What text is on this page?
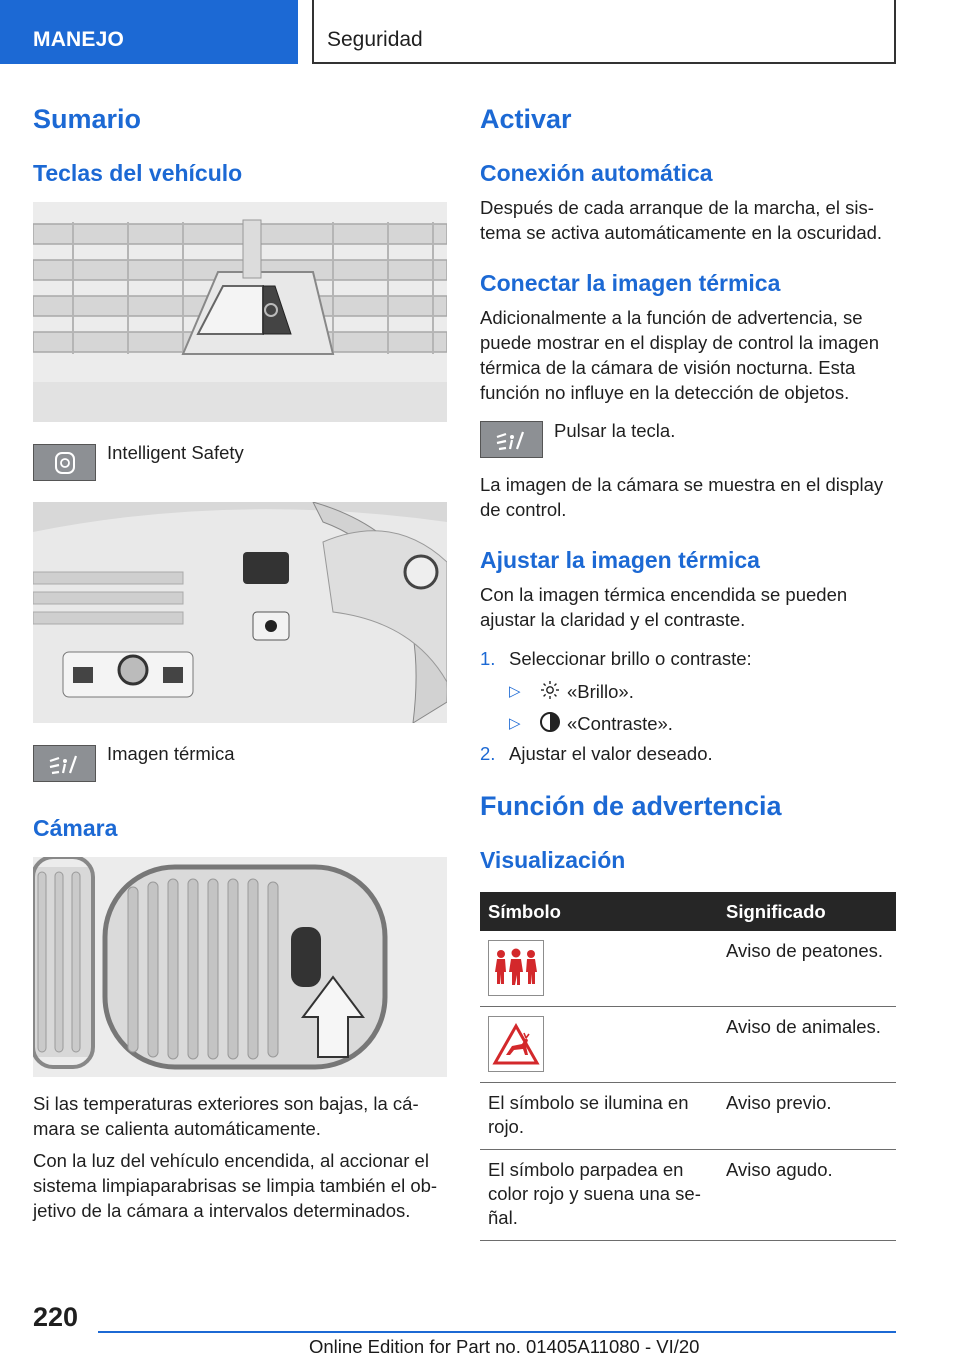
MANEJO	Seguridad
Sumario
Teclas del vehículo
Intelligent Safety
Imagen térmica
Cámara
Si las temperaturas exteriores son bajas, la cámara se calienta automáticamente.
Con la luz del vehículo encendida, al accionar el sistema limpiaparabrisas se limpia también el objetivo de la cámara a intervalos determinados.
Activar
Conexión automática
Después de cada arranque de la marcha, el sistema se activa automáticamente en la oscuridad.
Conectar la imagen térmica
Adicionalmente a la función de advertencia, se puede mostrar en el display de control la imagen térmica de la cámara de visión nocturna. Esta función no influye en la detección de objetos.
Pulsar la tecla.
La imagen de la cámara se muestra en el display de control.
Ajustar la imagen térmica
Con la imagen térmica encendida se pueden ajustar la claridad y el contraste.
1. Seleccionar brillo o contraste:
▷	«Brillo».
▷	«Contraste».
2. Ajustar el valor deseado.
Función de advertencia
Visualización
Símbolo	Significado

	Aviso de peatones.

	Aviso de animales.
El símbolo se ilumina en rojo.	Aviso previo.
El símbolo parpadea en color rojo y suena una señal.	Aviso agudo.
220
Online Edition for Part no. 01405A11080 - VI/20
